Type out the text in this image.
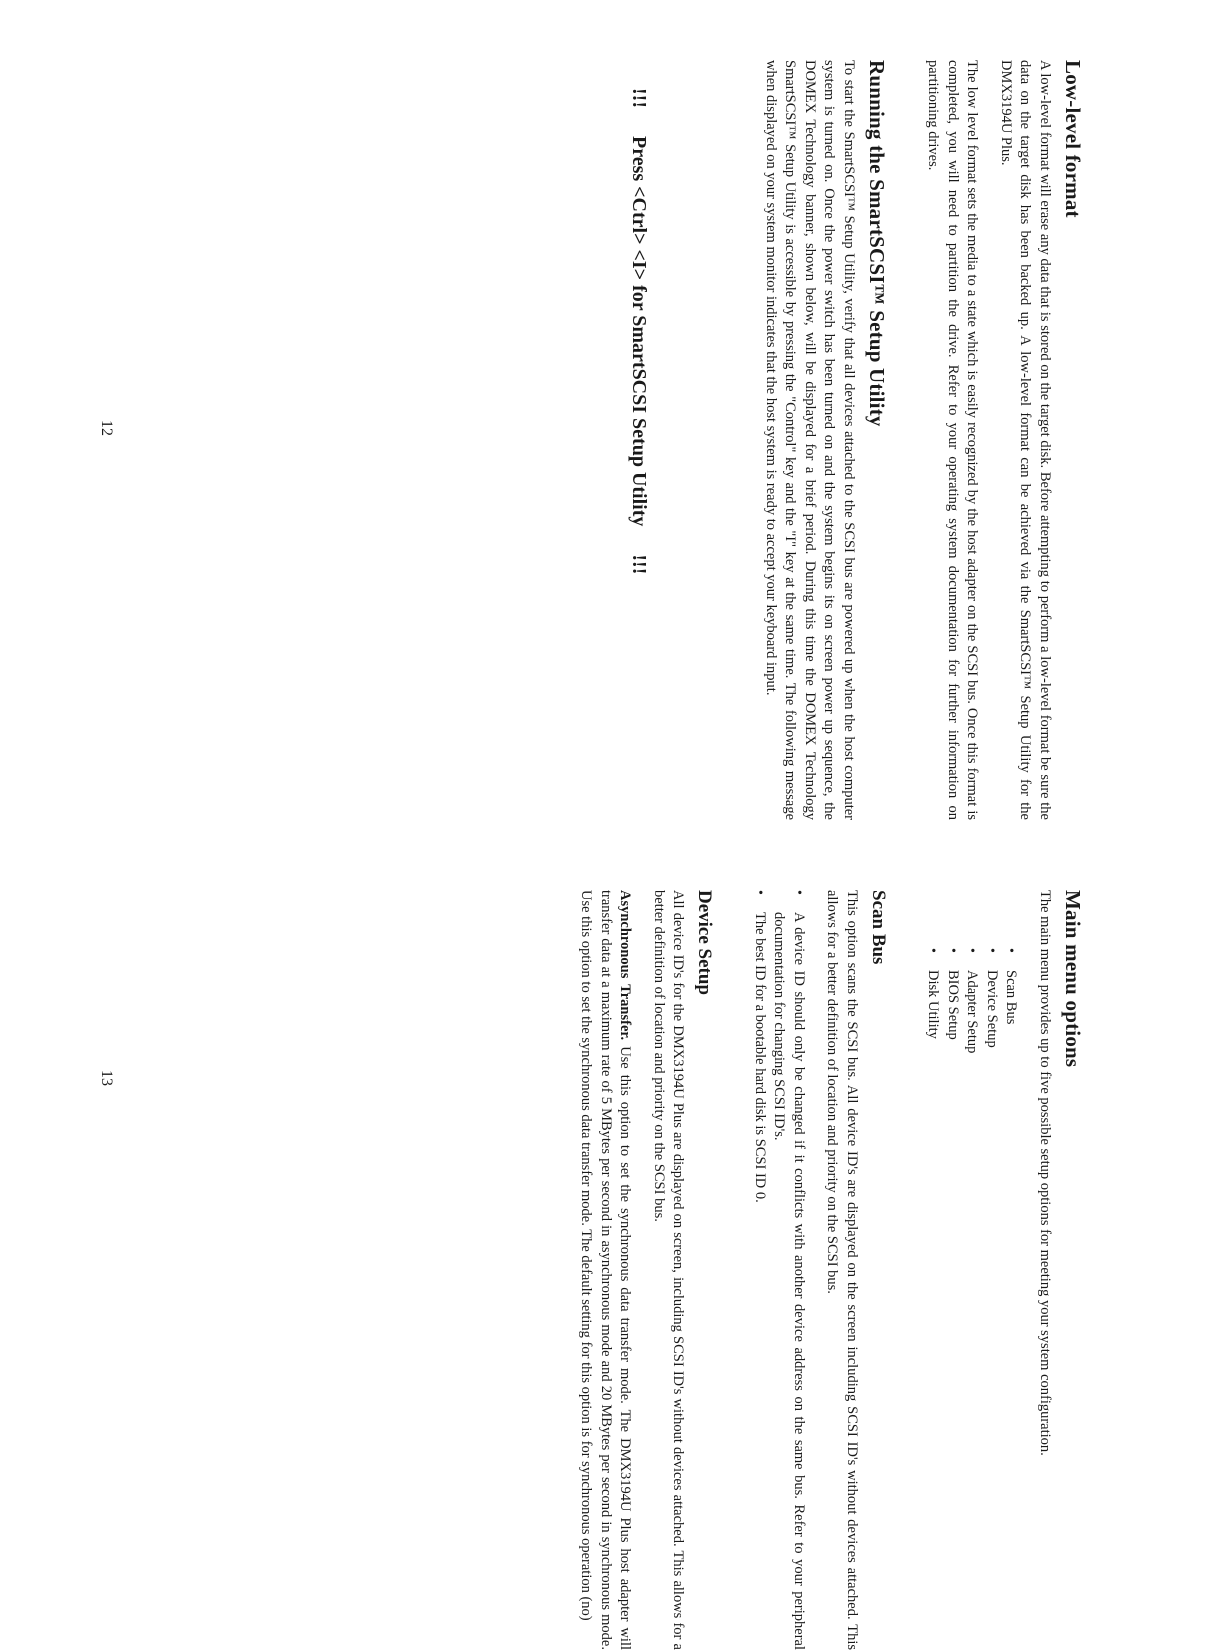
Low-level format

A low-level format will erase any data that is stored on the target disk. Before attempting to perform a low-level format be sure the data on the target disk has been backed up. A low-level format can be achieved via the SmartSCSI™ Setup Utility for the DMX3194U Plus.

The low level format sets the media to a state which is easily recognized by the host adapter on the SCSI bus. Once this format is completed, you will need to partition the drive. Refer to your operating system documentation for further information on partitioning drives.

Running the SmartSCSI™ Setup Utility

To start the SmartSCSI™ Setup Utility, verify that all devices attached to the SCSI bus are powered up when the host computer system is turned on. Once the power switch has been turned on and the system begins its on screen power up sequence, the DOMEX Technology banner, shown below, will be displayed for a brief period. During this time the DOMEX Technology SmartSCSI™ Setup Utility is accessible by pressing the "Control" key and the "I" key at the same time. The following message when displayed on your system monitor indicates that the host system is ready to accept your keyboard input.

!!!Press <Ctrl> <I> for SmartSCSI Setup Utility!!!
12
Main menu options

The main menu provides up to five possible setup options for meeting your system configuration.

•
Scan Bus
•
Device Setup
•
Adapter Setup
•
BIOS Setup
•
Disk Utility
Scan Bus

This option scans the SCSI bus. All device ID's are displayed on the screen including SCSI ID's without devices attached. This allows for a better definition of location and priority on the SCSI bus.

•
A device ID should only be changed if it conflicts with another device address on the same bus. Refer to your peripheral documentation for changing SCSI ID's.
•
The best ID for a bootable hard disk is SCSI ID 0.
Device Setup

All device ID's for the DMX3194U Plus are displayed on screen, including SCSI ID's without devices attached. This allows for a better definition of location and priority on the SCSI bus.

Asynchronous Transfer. Use this option to set the synchronous data transfer mode. The DMX3194U Plus host adapter will transfer data at a maximum rate of 5 MBytes per second in asynchronous mode and 20 MBytes per second in synchronous mode. Use this option to set the synchronous data transfer mode. The default setting for this option is for synchronous operation (no)

13
